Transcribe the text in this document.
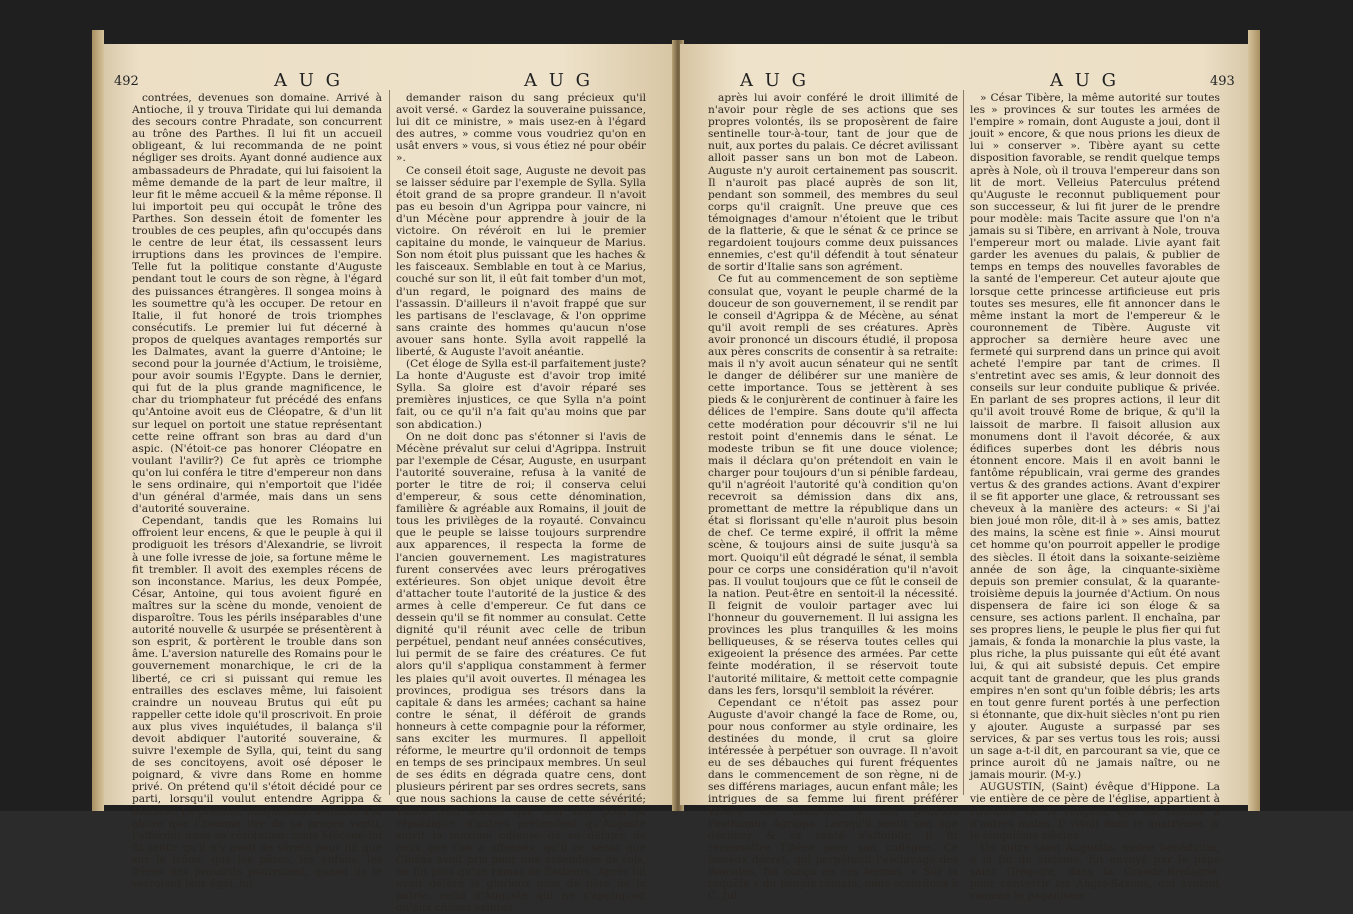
492	A U G	A U G

contrées, devenues son domaine. Arrivé à Antioche, il y trouva Tiridate qui lui demanda des secours contre Phradate, son concurrent au trône des Parthes. Il lui fit un accueil obligeant, & lui recommanda de ne point négliger ses droits. Ayant donné audience aux ambassadeurs de Phradate, qui lui faisoient la même demande de la part de leur maître, il leur fit le même accueil & la même réponse. Il lui importoit peu qui occupât le trône des Parthes. Son dessein étoit de fomenter les troubles de ces peuples, afin qu'occupés dans le centre de leur état, ils cessassent leurs irruptions dans les provinces de l'empire. Telle fut la politique constante d'Auguste pendant tout le cours de son règne, à l'égard des puissances étrangères. Il songea moins à les soumettre qu'à les occuper. De retour en Italie, il fut honoré de trois triomphes consécutifs. Le premier lui fut décerné à propos de quelques avantages remportés sur les Dalmates, avant la guerre d'Antoine; le second pour la journée d'Actium, le troisième, pour avoir soumis l'Egypte. Dans le dernier, qui fut de la plus grande magnificence, le char du triomphateur fut précédé des enfans qu'Antoine avoit eus de Cléopatre, & d'un lit sur lequel on portoit une statue représentant cette reine offrant son bras au dard d'un aspic. (N'étoit-ce pas honorer Cléopatre en voulant l'avilir?) Ce fut après ce triomphe qu'on lui conféra le titre d'empereur non dans le sens ordinaire, qui n'emportoit que l'idée d'un général d'armée, mais dans un sens d'autorité souveraine.

Cependant, tandis que les Romains lui offroient leur encens, & que le peuple à qui il prodiguoit les trésors d'Alexandrie, se livroit à une folle ivresse de joie, sa fortune même le fit trembler. Il avoit des exemples récens de son inconstance. Marius, les deux Pompée, César, Antoine, qui tous avoient figuré en maîtres sur la scène du monde, venoient de disparoître. Tous les périls inséparables d'une autorité nouvelle & usurpée se présentèrent à son esprit, & portèrent le trouble dans son âme. L'aversion naturelle des Romains pour le gouvernement monarchique, le cri de la liberté, ce cri si puissant qui remue les entrailles des esclaves même, lui faisoient craindre un nouveau Brutus qui eût pu rappeller cette idole qu'il proscrivoit. En proie aux plus vives inquiétudes, il balança s'il devoit abdiquer l'autorité souveraine, & suivre l'exemple de Sylla, qui, teint du sang de ses concitoyens, avoit osé déposer le poignard, & vivre dans Rome en homme privé. On prétend qu'il s'étoit décidé pour ce parti, lorsqu'il voulut entendre Agrippa & Mécène. Le premier, uniquement sensible à la gloire que l'homme tire de sa propre vertu, l'affermit dans sa résolution: mais Mécène lui fit sentir qu'il n'y avoit de sûreté pour lui que sur le trône; que les pères, les enfans, les frères des proscrits pourroient, quand ils le verroient leur égal, lui

demander raison du sang précieux qu'il avoit versé. « Gardez la souveraine puissance, lui dit ce ministre, » mais usez-en à l'égard des autres, » comme vous voudriez qu'on en usât envers » vous, si vous étiez né pour obéir ».

Ce conseil étoit sage, Auguste ne devoit pas se laisser séduire par l'exemple de Sylla. Sylla étoit grand de sa propre grandeur. Il n'avoit pas eu besoin d'un Agrippa pour vaincre, ni d'un Mécène pour apprendre à jouir de la victoire. On révéroit en lui le premier capitaine du monde, le vainqueur de Marius. Son nom étoit plus puissant que les haches & les faisceaux. Semblable en tout à ce Marius, couché sur son lit, il eût fait tomber d'un mot, d'un regard, le poignard des mains de l'assassin. D'ailleurs il n'avoit frappé que sur les partisans de l'esclavage, & l'on opprime sans crainte des hommes qu'aucun n'ose avouer sans honte. Sylla avoit rappellé la liberté, & Auguste l'avoit anéantie.

(Cet éloge de Sylla est-il parfaitement juste? La honte d'Auguste est d'avoir trop imité Sylla. Sa gloire est d'avoir réparé ses premières injustices, ce que Sylla n'a point fait, ou ce qu'il n'a fait qu'au moins que par son abdication.)

On ne doit donc pas s'étonner si l'avis de Mécène prévalut sur celui d'Agrippa. Instruit par l'exemple de César, Auguste, en usurpant l'autorité souveraine, refusa à la vanité de porter le titre de roi; il conserva celui d'empereur, & sous cette dénomination, familière & agréable aux Romains, il jouit de tous les privilèges de la royauté. Convaincu que le peuple se laisse toujours surprendre aux apparences, il respecta la forme de l'ancien gouvernement. Les magistratures furent conservées avec leurs prérogatives extérieures. Son objet unique devoit être d'attacher toute l'autorité de la justice & des armes à celle d'empereur. Ce fut dans ce dessein qu'il se fit nommer au consulat. Cette dignité qu'il réunit avec celle de tribun perpétuel, pendant neuf années consécutives, lui permit de se faire des créatures. Ce fut alors qu'il s'appliqua constamment à fermer les plaies qu'il avoit ouvertes. Il ménagea les provinces, prodigua ses trésors dans la capitale & dans les armées; cachant sa haine contre le sénat, il déféroit de grands honneurs à cette compagnie pour la réformer, sans exciter les murmures. Il appelloit réforme, le meurtre qu'il ordonnoit de temps en temps de ses principaux membres. Un seul de ses édits en dégrada quatre cens, dont plusieurs périrent par ses ordres secrets, sans que nous sachions la cause de cette sévérité; Tacite n'en accuse que leur zèle pour la république: d'autres prétendent qu'Auguste suivit la maxime odieuse de se défaire de ceux que l'on a offensés; qu'il ce sénat que Cinéas avoit pris pour une assemblée de rois, ne fut plus qu'un ramas de flatteurs. Après lui avoir déféré le glorieux nom de père de la patrie, celui d'Auguste qui ne s'appliquoit qu'aux choses saintes,

A U G	A U G	493

après lui avoir conféré le droit illimité de n'avoir pour règle de ses actions que ses propres volontés, ils se proposèrent de faire sentinelle tour-à-tour, tant de jour que de nuit, aux portes du palais. Ce décret avilissant alloit passer sans un bon mot de Labeon. Auguste n'y auroit certainement pas souscrit. Il n'auroit pas placé auprès de son lit, pendant son sommeil, des membres du seul corps qu'il craignît. Une preuve que ces témoignages d'amour n'étoient que le tribut de la flatterie, & que le sénat & ce prince se regardoient toujours comme deux puissances ennemies, c'est qu'il défendit à tout sénateur de sortir d'Italie sans son agrément.

Ce fut au commencement de son septième consulat que, voyant le peuple charmé de la douceur de son gouvernement, il se rendit par le conseil d'Agrippa & de Mécène, au sénat qu'il avoit rempli de ses créatures. Après avoir prononcé un discours étudié, il proposa aux pères conscrits de consentir à sa retraite: mais il n'y avoit aucun sénateur qui ne sentît le danger de délibérer sur une manière de cette importance. Tous se jettèrent à ses pieds & le conjurèrent de continuer à faire les délices de l'empire. Sans doute qu'il affecta cette modération pour découvrir s'il ne lui restoit point d'ennemis dans le sénat. Le modeste tribun se fit une douce violence; mais il déclara qu'on prétendoit en vain le charger pour toujours d'un si pénible fardeau, qu'il n'agréoit l'autorité qu'à condition qu'on recevroit sa démission dans dix ans, promettant de mettre la république dans un état si florissant qu'elle n'auroit plus besoin de chef. Ce terme expiré, il offrit la même scène, & toujours ainsi de suite jusqu'à sa mort. Quoiqu'il eût dégradé le sénat, il sembla pour ce corps une considération qu'il n'avoit pas. Il voulut toujours que ce fût le conseil de la nation. Peut-être en sentoit-il la nécessité. Il feignit de vouloir partager avec lui l'honneur du gouvernement. Il lui assigna les provinces les plus tranquilles & les moins belliqueuses, & se réserva toutes celles qui exigeoient la présence des armées. Par cette feinte modération, il se réservoit toute l'autorité militaire, & mettoit cette compagnie dans les fers, lorsqu'il sembloit la révérer.

Cependant ce n'étoit pas assez pour Auguste d'avoir changé la face de Rome, ou, pour nous conformer au style ordinaire, les destinées du monde, il crut sa gloire intéressée à perpétuer son ouvrage. Il n'avoit eu de ses débauches qui furent fréquentes dans le commencement de son règne, ni de ses différens mariages, aucun enfant mâle; les intrigues de sa femme lui firent préférer Tibère son beau-fils, à son petit-fils Posthumus Agrippa. Lorsqu'il sentit son âge décliner & sa santé s'affoiblir, il fit reconnoître Tibère pour son collègue. Ce fameux décret, qui perpétuoit l'esclavage des Romains, fut conçu en ces termes. « Sur la requête » du peuple romain, nous accordons à C. Jul.

» César Tibère, la même autorité sur toutes les » provinces & sur toutes les armées de l'empire » romain, dont Auguste a joui, dont il jouit » encore, & que nous prions les dieux de lui » conserver ». Tibère ayant su cette disposition favorable, se rendit quelque temps après à Nole, où il trouva l'empereur dans son lit de mort. Velleius Paterculus prétend qu'Auguste le reconnut publiquement pour son successeur, & lui fit jurer de le prendre pour modèle: mais Tacite assure que l'on n'a jamais su si Tibère, en arrivant à Nole, trouva l'empereur mort ou malade. Livie ayant fait garder les avenues du palais, & publier de temps en temps des nouvelles favorables de la santé de l'empereur. Cet auteur ajoute que lorsque cette princesse artificieuse eut pris toutes ses mesures, elle fit annoncer dans le même instant la mort de l'empereur & le couronnement de Tibère. Auguste vit approcher sa dernière heure avec une fermeté qui surprend dans un prince qui avoit acheté l'empire par tant de crimes. Il s'entretint avec ses amis, & leur donnoit des conseils sur leur conduite publique & privée. En parlant de ses propres actions, il leur dit qu'il avoit trouvé Rome de brique, & qu'il la laissoit de marbre. Il faisoit allusion aux monumens dont il l'avoit décorée, & aux édifices superbes dont les débris nous étonnent encore. Mais il en avoit banni le fantôme républicain, vrai germe des grandes vertus & des grandes actions. Avant d'expirer il se fit apporter une glace, & retroussant ses cheveux à la manière des acteurs: « Si j'ai bien joué mon rôle, dit-il à » ses amis, battez des mains, la scène est finie ». Ainsi mourut cet homme qu'on pourroit appeller le prodige des siècles. Il étoit dans la soixante-seizième année de son âge, la cinquante-sixième depuis son premier consulat, & la quarante-troisième depuis la journée d'Actium. On nous dispensera de faire ici son éloge & sa censure, ses actions parlent. Il enchaîna, par ses propres liens, le peuple le plus fier qui fut jamais, & fonda la monarchie la plus vaste, la plus riche, la plus puissante qui eût été avant lui, & qui ait subsisté depuis. Cet empire acquit tant de grandeur, que les plus grands empires n'en sont qu'un foible débris; les arts en tout genre furent portés à une perfection si étonnante, que dix-huit siècles n'ont pu rien y ajouter. Auguste a surpassé par ses services, & par ses vertus tous les rois; aussi un sage a-t-il dit, en parcourant sa vie, que ce prince auroit dû ne jamais naître, ou ne jamais mourir. (M-y.)

AUGUSTIN, (Saint) évêque d'Hippone. La vie entière de ce père de l'église, appartient à l'histoire de la religion, qui est confiée à d'autres mains. Il vivoit dans le quatrième, & le cinquième siècles.

Un autre saint Augustin, moine bénédictin, à la fin du sixième, fut envoyé par le pape saint Grégoire, dans la Grande-Bretagne, pour convertir les Anglo-Saxons, qui avoient ramené le paganisme
